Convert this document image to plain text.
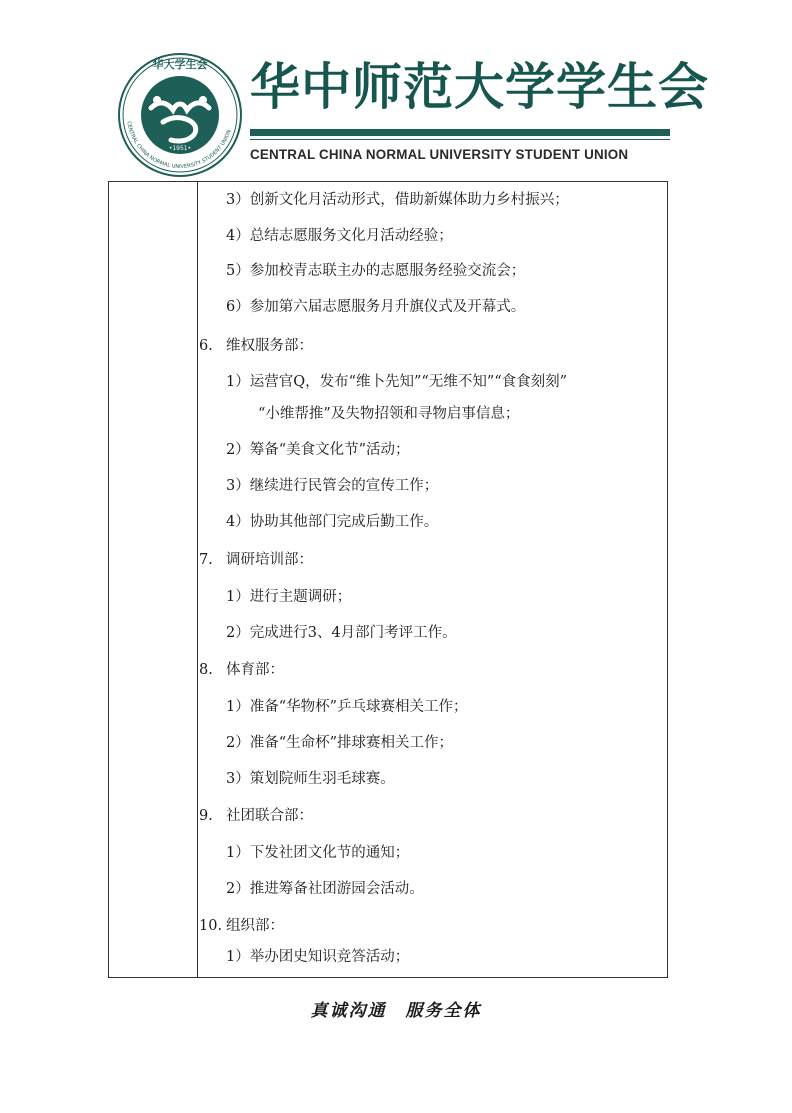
华大学生会
•1951•
CENTRAL CHINA NORMAL UNIVERSITY STUDENT UNION
华中师范大学学生会
CENTRAL CHINA NORMAL UNIVERSITY STUDENT UNION
3）创新文化月活动形式，借助新媒体助力乡村振兴；
4）总结志愿服务文化月活动经验；
5）参加校青志联主办的志愿服务经验交流会；
6）参加第六届志愿服务月升旗仪式及开幕式。
6. 维权服务部：
1）运营官Q，发布“维卜先知”“无维不知”“食食刻刻”
“小维帮推”及失物招领和寻物启事信息；
2）筹备“美食文化节”活动；
3）继续进行民管会的宣传工作；
4）协助其他部门完成后勤工作。
7. 调研培训部：
1）进行主题调研；
2）完成进行3、4月部门考评工作。
8. 体育部：
1）准备“华物杯”乒乓球赛相关工作；
2）准备“生命杯”排球赛相关工作；
3）策划院师生羽毛球赛。
9. 社团联合部：
1）下发社团文化节的通知；
2）推进筹备社团游园会活动。
10. 组织部：
1）举办团史知识竞答活动；
真诚沟通　服务全体
